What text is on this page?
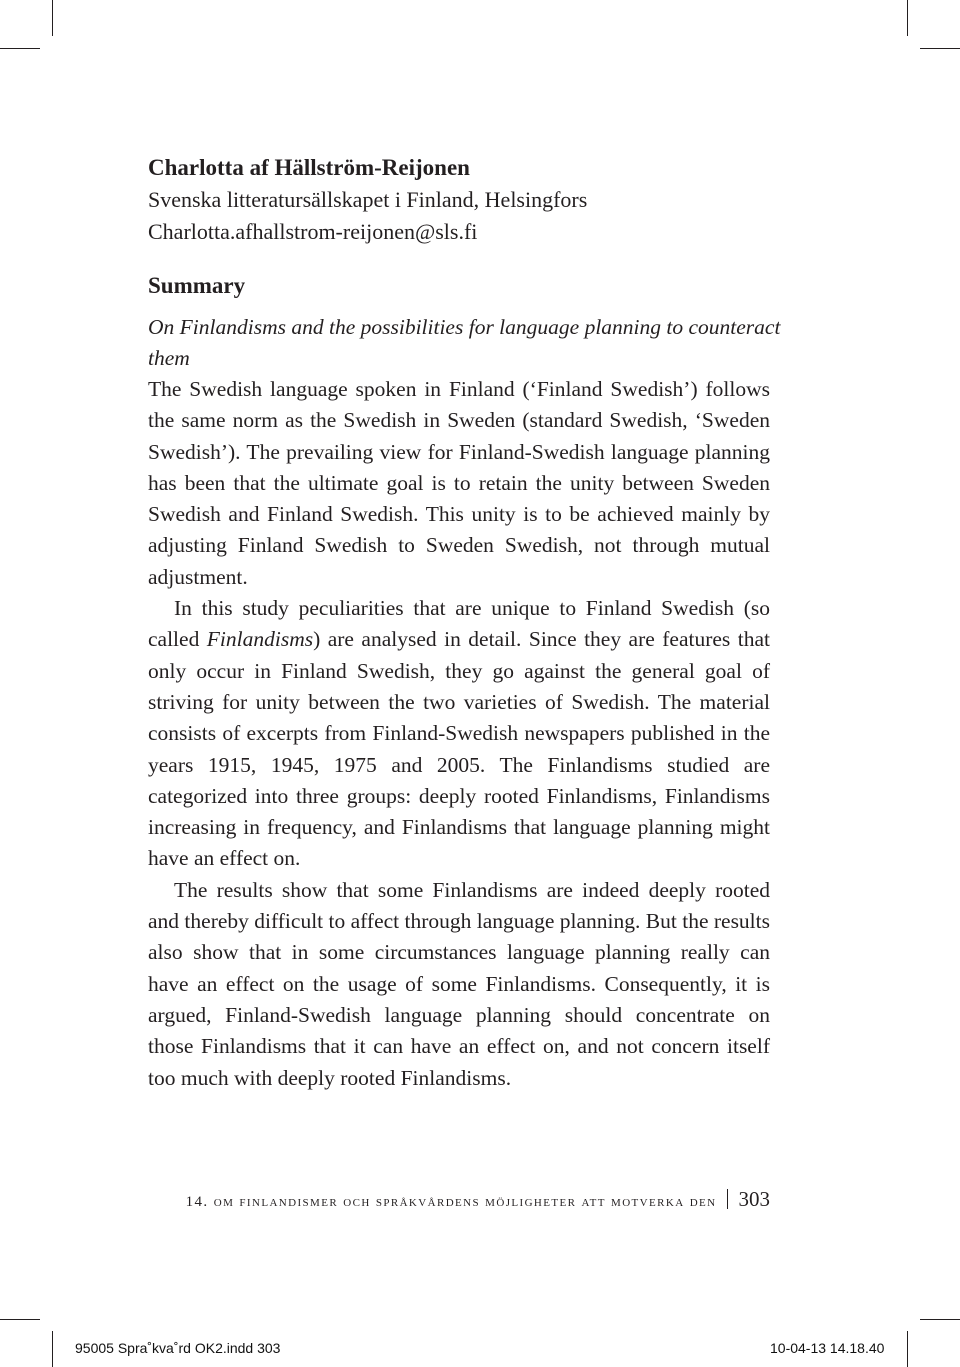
Charlotta af Hällström-Reijonen
Svenska litteratursällskapet i Finland, Helsingfors
Charlotta.afhallstrom-reijonen@sls.fi
Summary
On Finlandisms and the possibilities for language planning to counteract them

The Swedish language spoken in Finland (‘Finland Swedish’) follows the same norm as the Swedish in Sweden (standard Swedish, ‘Sweden Swedish’). The prevailing view for Finland-Swedish language planning has been that the ultimate goal is to retain the unity between Sweden Swedish and Finland Swedish. This unity is to be achieved mainly by adjusting Finland Swedish to Sweden Swedish, not through mutual adjustment.

In this study peculiarities that are unique to Finland Swedish (so called Finlandisms) are analysed in detail. Since they are features that only occur in Finland Swedish, they go against the general goal of striving for unity between the two varieties of Swedish. The material consists of excerpts from Finland-Swedish newspapers published in the years 1915, 1945, 1975 and 2005. The Finlandisms studied are categorized into three groups: deeply rooted Finlandisms, Finlandisms increasing in frequency, and Finlandisms that language planning might have an effect on.

The results show that some Finlandisms are indeed deeply rooted and thereby difficult to affect through language planning. But the results also show that in some circumstances language planning really can have an effect on the usage of some Finlandisms. Consequently, it is argued, Finland-Swedish language planning should concentrate on those Finlandisms that it can have an effect on, and not concern itself too much with deeply rooted Finlandisms.

14. om finlandismer och språkvårdens möjligheter att motverka den 303
95005 Spra˚kva˚rd OK2.indd 303	10-04-13 14.18.40
